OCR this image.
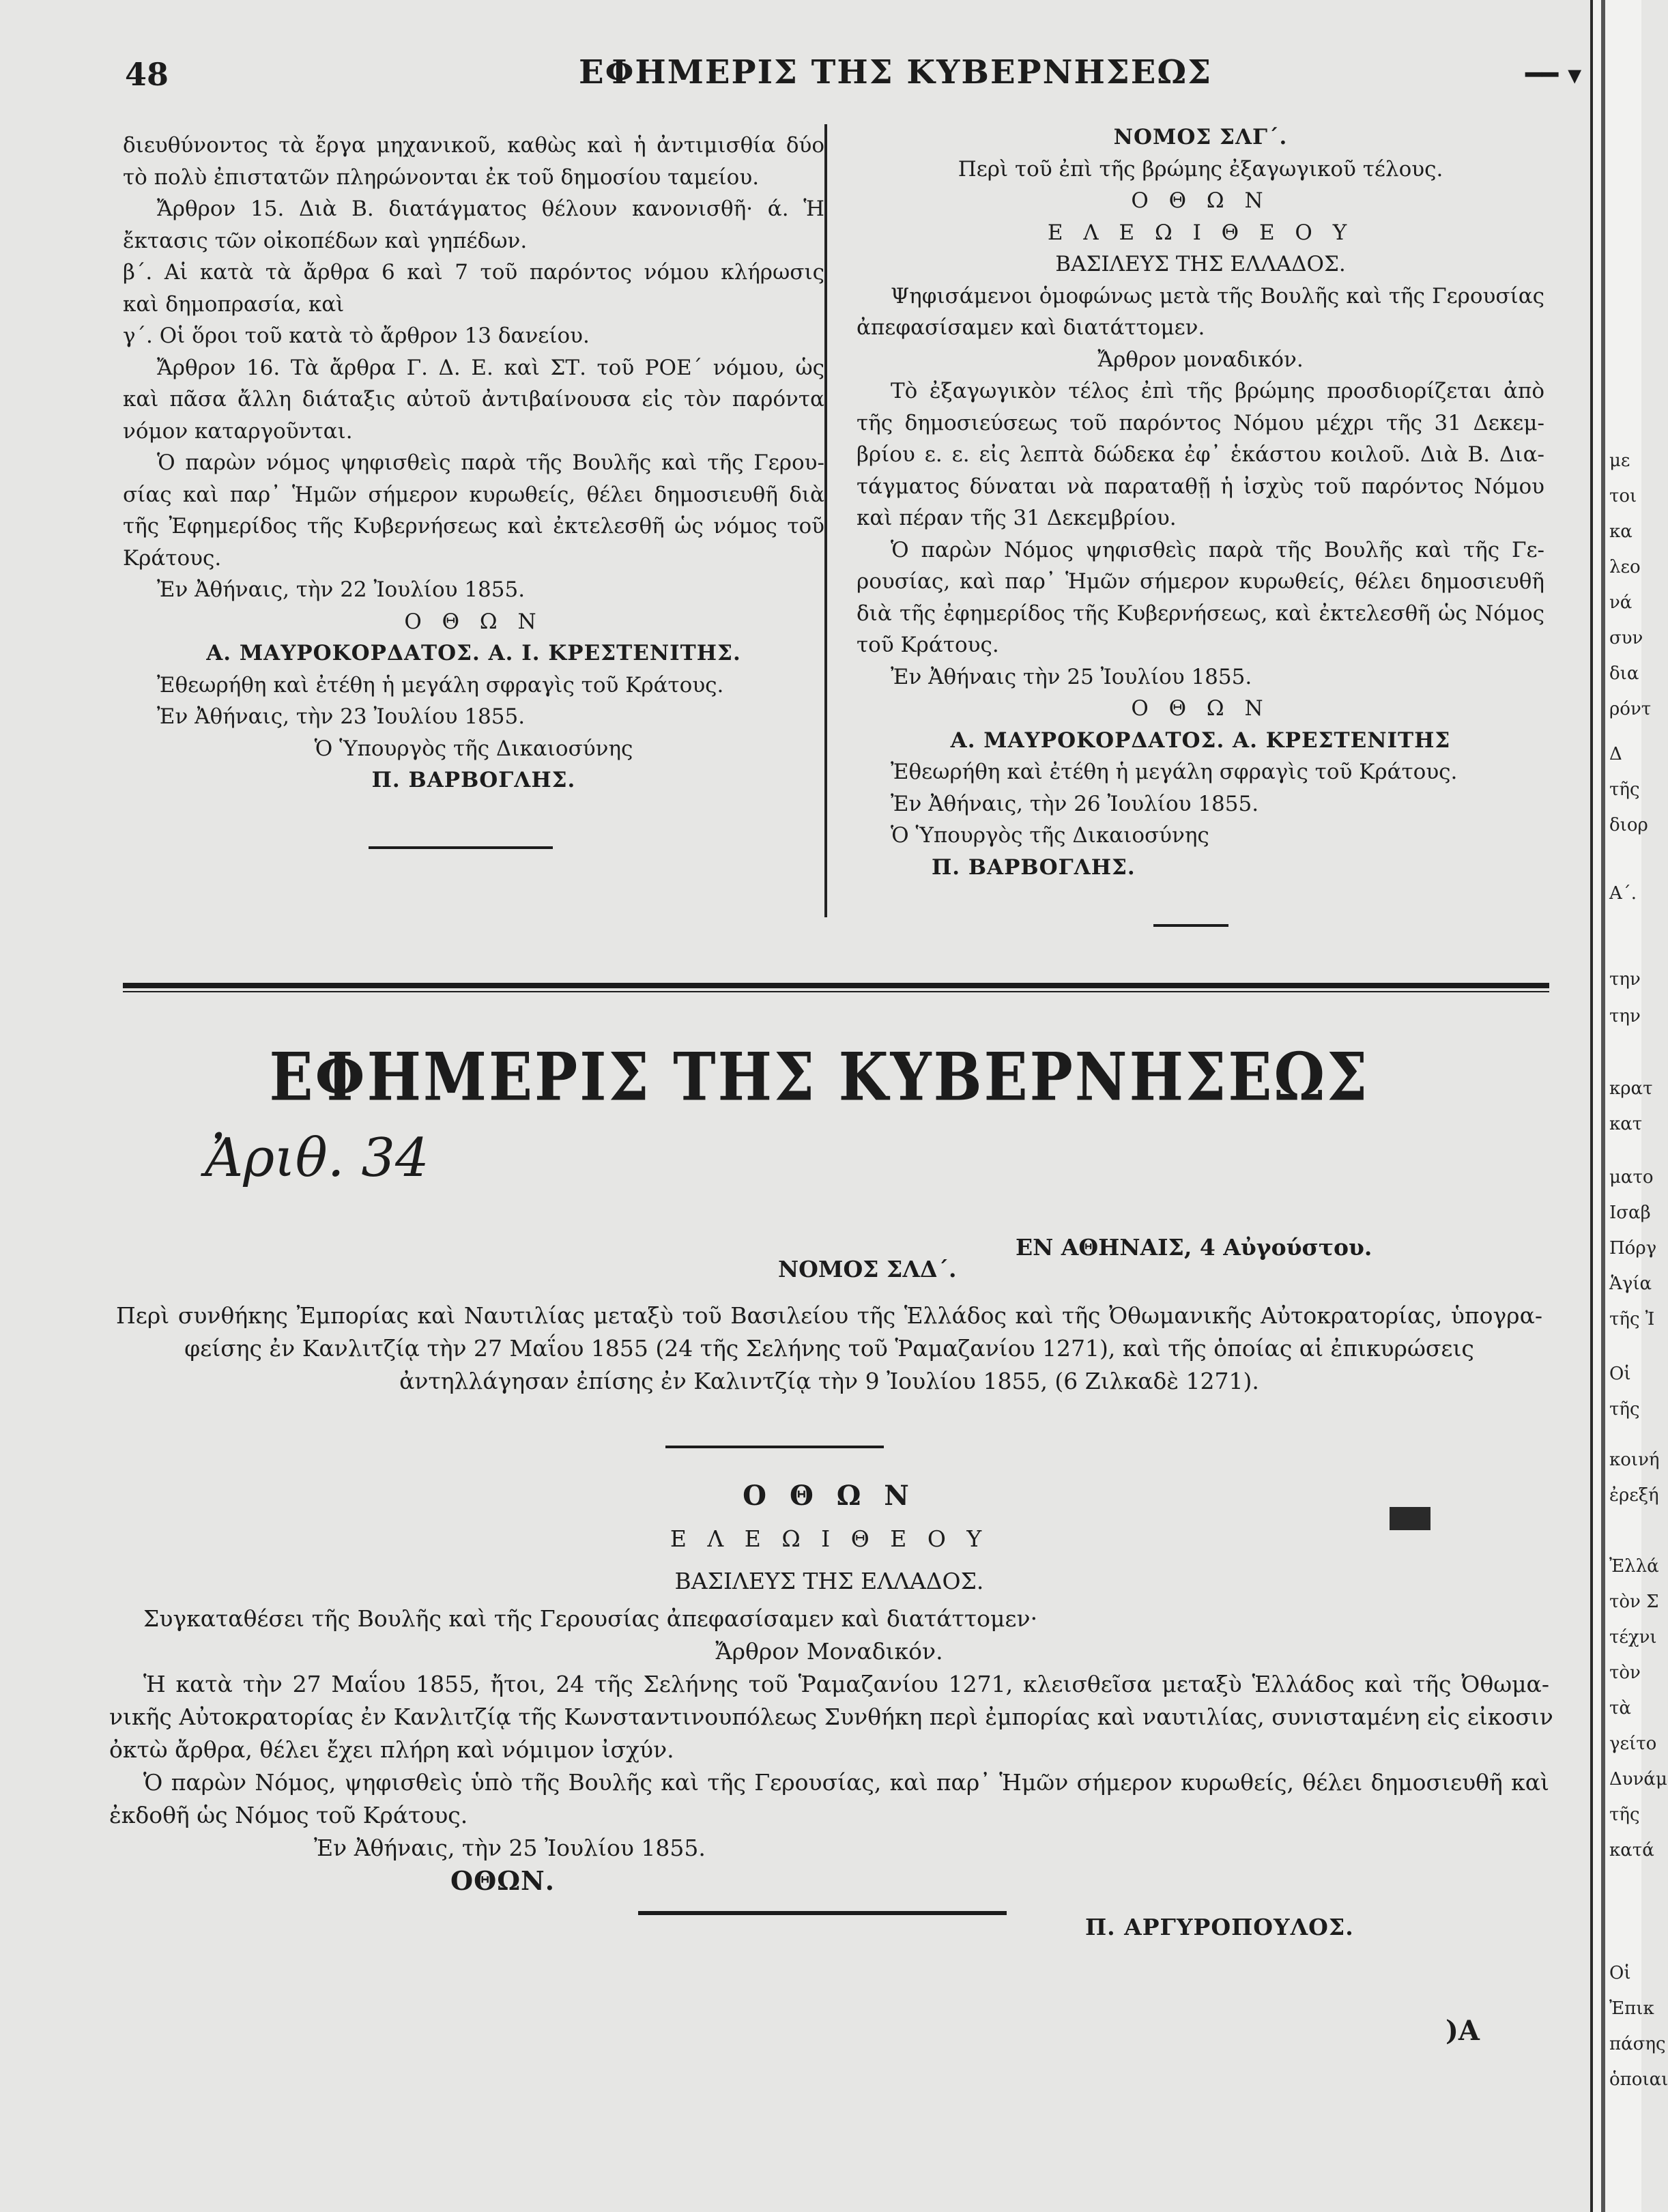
48	ΕΦΗΜΕΡΙΣ ΤΗΣ ΚΥΒΕΡΝΗΣΕΩΣ	━━ ▾
διευθύνοντος τὰ ἔργα μηχανικοῦ, καθὼς καὶ ἡ ἀντιμισθία δύο
τὸ πολὺ ἐπιστατῶν πληρώνονται ἐκ τοῦ δημοσίου ταμείου.
Ἄρθρον 15. Διὰ Β. διατάγματος θέλουν κανονισθῆ· ά. Ἡ
ἔκτασις τῶν οἰκοπέδων καὶ γηπέδων.
β΄. Αἱ κατὰ τὰ ἄρθρα 6 καὶ 7 τοῦ παρόντος νόμου κλήρωσις
καὶ δημοπρασία, καὶ
γ΄. Οἱ ὅροι τοῦ κατὰ τὸ ἄρθρον 13 δανείου.
Ἄρθρον 16. Τὰ ἄρθρα Γ. Δ. Ε. καὶ ΣΤ. τοῦ ΡΟΕ΄ νόμου, ὡς
καὶ πᾶσα ἄλλη διάταξις αὐτοῦ ἀντιβαίνουσα εἰς τὸν παρόντα
νόμον καταργοῦνται.
Ὁ παρὼν νόμος ψηφισθεὶς παρὰ τῆς Βουλῆς καὶ τῆς Γερου-
σίας καὶ παρ᾽ Ἡμῶν σήμερον κυρωθείς, θέλει δημοσιευθῆ διὰ
τῆς Ἐφημερίδος τῆς Κυβερνήσεως καὶ ἐκτελεσθῆ ὡς νόμος τοῦ
Κράτους.
Ἐν Ἀθήναις, τὴν 22 Ἰουλίου 1855.
Ο Θ Ω Ν
Α. ΜΑΥΡΟΚΟΡΔΑΤΟΣ. Α. Ι. ΚΡΕΣΤΕΝΙΤΗΣ.
Ἐθεωρήθη καὶ ἐτέθη ἡ μεγάλη σφραγὶς τοῦ Κράτους.
Ἐν Ἀθήναις, τὴν 23 Ἰουλίου 1855.
Ὁ Ὑπουργὸς τῆς Δικαιοσύνης
Π. ΒΑΡΒΟΓΛΗΣ.
ΝΟΜΟΣ ΣΛΓ΄.
Περὶ τοῦ ἐπὶ τῆς βρώμης ἐξαγωγικοῦ τέλους.
Ο Θ Ω Ν
Ε Λ Ε Ω Ι Θ Ε Ο Υ
ΒΑΣΙΛΕΥΣ ΤΗΣ ΕΛΛΑΔΟΣ.
Ψηφισάμενοι ὁμοφώνως μετὰ τῆς Βουλῆς καὶ τῆς Γερουσίας
ἀπεφασίσαμεν καὶ διατάττομεν.
Ἄρθρον μοναδικόν.
Τὸ ἐξαγωγικὸν τέλος ἐπὶ τῆς βρώμης προσδιορίζεται ἀπὸ
τῆς δημοσιεύσεως τοῦ παρόντος Νόμου μέχρι τῆς 31 Δεκεμ-
βρίου ε. ε. εἰς λεπτὰ δώδεκα ἐφ᾽ ἑκάστου κοιλοῦ. Διὰ Β. Δια-
τάγματος δύναται νὰ παραταθῇ ἡ ἰσχὺς τοῦ παρόντος Νόμου
καὶ πέραν τῆς 31 Δεκεμβρίου.
Ὁ παρὼν Νόμος ψηφισθεὶς παρὰ τῆς Βουλῆς καὶ τῆς Γε-
ρουσίας, καὶ παρ᾽ Ἡμῶν σήμερον κυρωθείς, θέλει δημοσιευθῆ
διὰ τῆς ἐφημερίδος τῆς Κυβερνήσεως, καὶ ἐκτελεσθῆ ὡς Νόμος
τοῦ Κράτους.
Ἐν Ἀθήναις τὴν 25 Ἰουλίου 1855.
Ο Θ Ω Ν
Α. ΜΑΥΡΟΚΟΡΔΑΤΟΣ. Α. ΚΡΕΣΤΕΝΙΤΗΣ
Ἐθεωρήθη καὶ ἐτέθη ἡ μεγάλη σφραγὶς τοῦ Κράτους.
Ἐν Ἀθήναις, τὴν 26 Ἰουλίου 1855.
Ὁ Ὑπουργὸς τῆς Δικαιοσύνης
Π. ΒΑΡΒΟΓΛΗΣ.
ΕΦΗΜΕΡΙΣ ΤΗΣ ΚΥΒΕΡΝΗΣΕΩΣ
Ἀριθ. 34
ΕΝ ΑΘΗΝΑΙΣ, 4 Αὐγούστου.
ΝΟΜΟΣ ΣΛΔ΄.
Περὶ συνθήκης Ἐμπορίας καὶ Ναυτιλίας μεταξὺ τοῦ Βασιλείου τῆς Ἑλλάδος καὶ τῆς Ὀθωμανικῆς Αὐτοκρατορίας, ὑπογρα-
φείσης ἐν Κανλιτζίᾳ τὴν 27 Μαΐου 1855 (24 τῆς Σελήνης τοῦ Ῥαμαζανίου 1271), καὶ τῆς ὁποίας αἱ ἐπικυρώσεις
ἀντηλλάγησαν ἐπίσης ἐν Καλιντζίᾳ τὴν 9 Ἰουλίου 1855, (6 Ζιλκαδὲ 1271).
Ο Θ Ω Ν
Ε Λ Ε Ω Ι Θ Ε Ο Υ
ΒΑΣΙΛΕΥΣ ΤΗΣ ΕΛΛΑΔΟΣ.
Συγκαταθέσει τῆς Βουλῆς καὶ τῆς Γερουσίας ἀπεφασίσαμεν καὶ διατάττομεν·
Ἄρθρον Μοναδικόν.
Ἡ κατὰ τὴν 27 Μαΐου 1855, ἤτοι, 24 τῆς Σελήνης τοῦ Ῥαμαζανίου 1271, κλεισθεῖσα μεταξὺ Ἑλλάδος καὶ τῆς Ὀθωμα-
νικῆς Αὐτοκρατορίας ἐν Κανλιτζίᾳ τῆς Κωνσταντινουπόλεως Συνθήκη περὶ ἐμπορίας καὶ ναυτιλίας, συνισταμένη εἰς εἰκοσιν
ὀκτὼ ἄρθρα, θέλει ἔχει πλήρη καὶ νόμιμον ἰσχύν.
Ὁ παρὼν Νόμος, ψηφισθεὶς ὑπὸ τῆς Βουλῆς καὶ τῆς Γερουσίας, καὶ παρ᾽ Ἡμῶν σήμερον κυρωθείς, θέλει δημοσιευθῆ καὶ
ἐκδοθῆ ὡς Νόμος τοῦ Κράτους.
Ἐν Ἀθήναις, τὴν 25 Ἰουλίου 1855.
ΟΘΩΝ.
Π. ΑΡΓΥΡΟΠΟΥΛΟΣ.
)Α
με
τοι
κα
λεο
νά
συν
δια
ρόντ
Δ
τῆς
διορ
Α΄.
την
την
κρατ
κατ
ματο
Ισαβ
Πόργ
Ἁγία
τῆς Ἰ
Οἱ
τῆς
κοινή
ἐρεξή
Ἐλλά
τὸν Σ
τέχνι
τὸν
τὰ
γείτο
Δυνάμ
τῆς
κατά
Οἱ
Ἐπικ
πάσης
ὁποιαι
